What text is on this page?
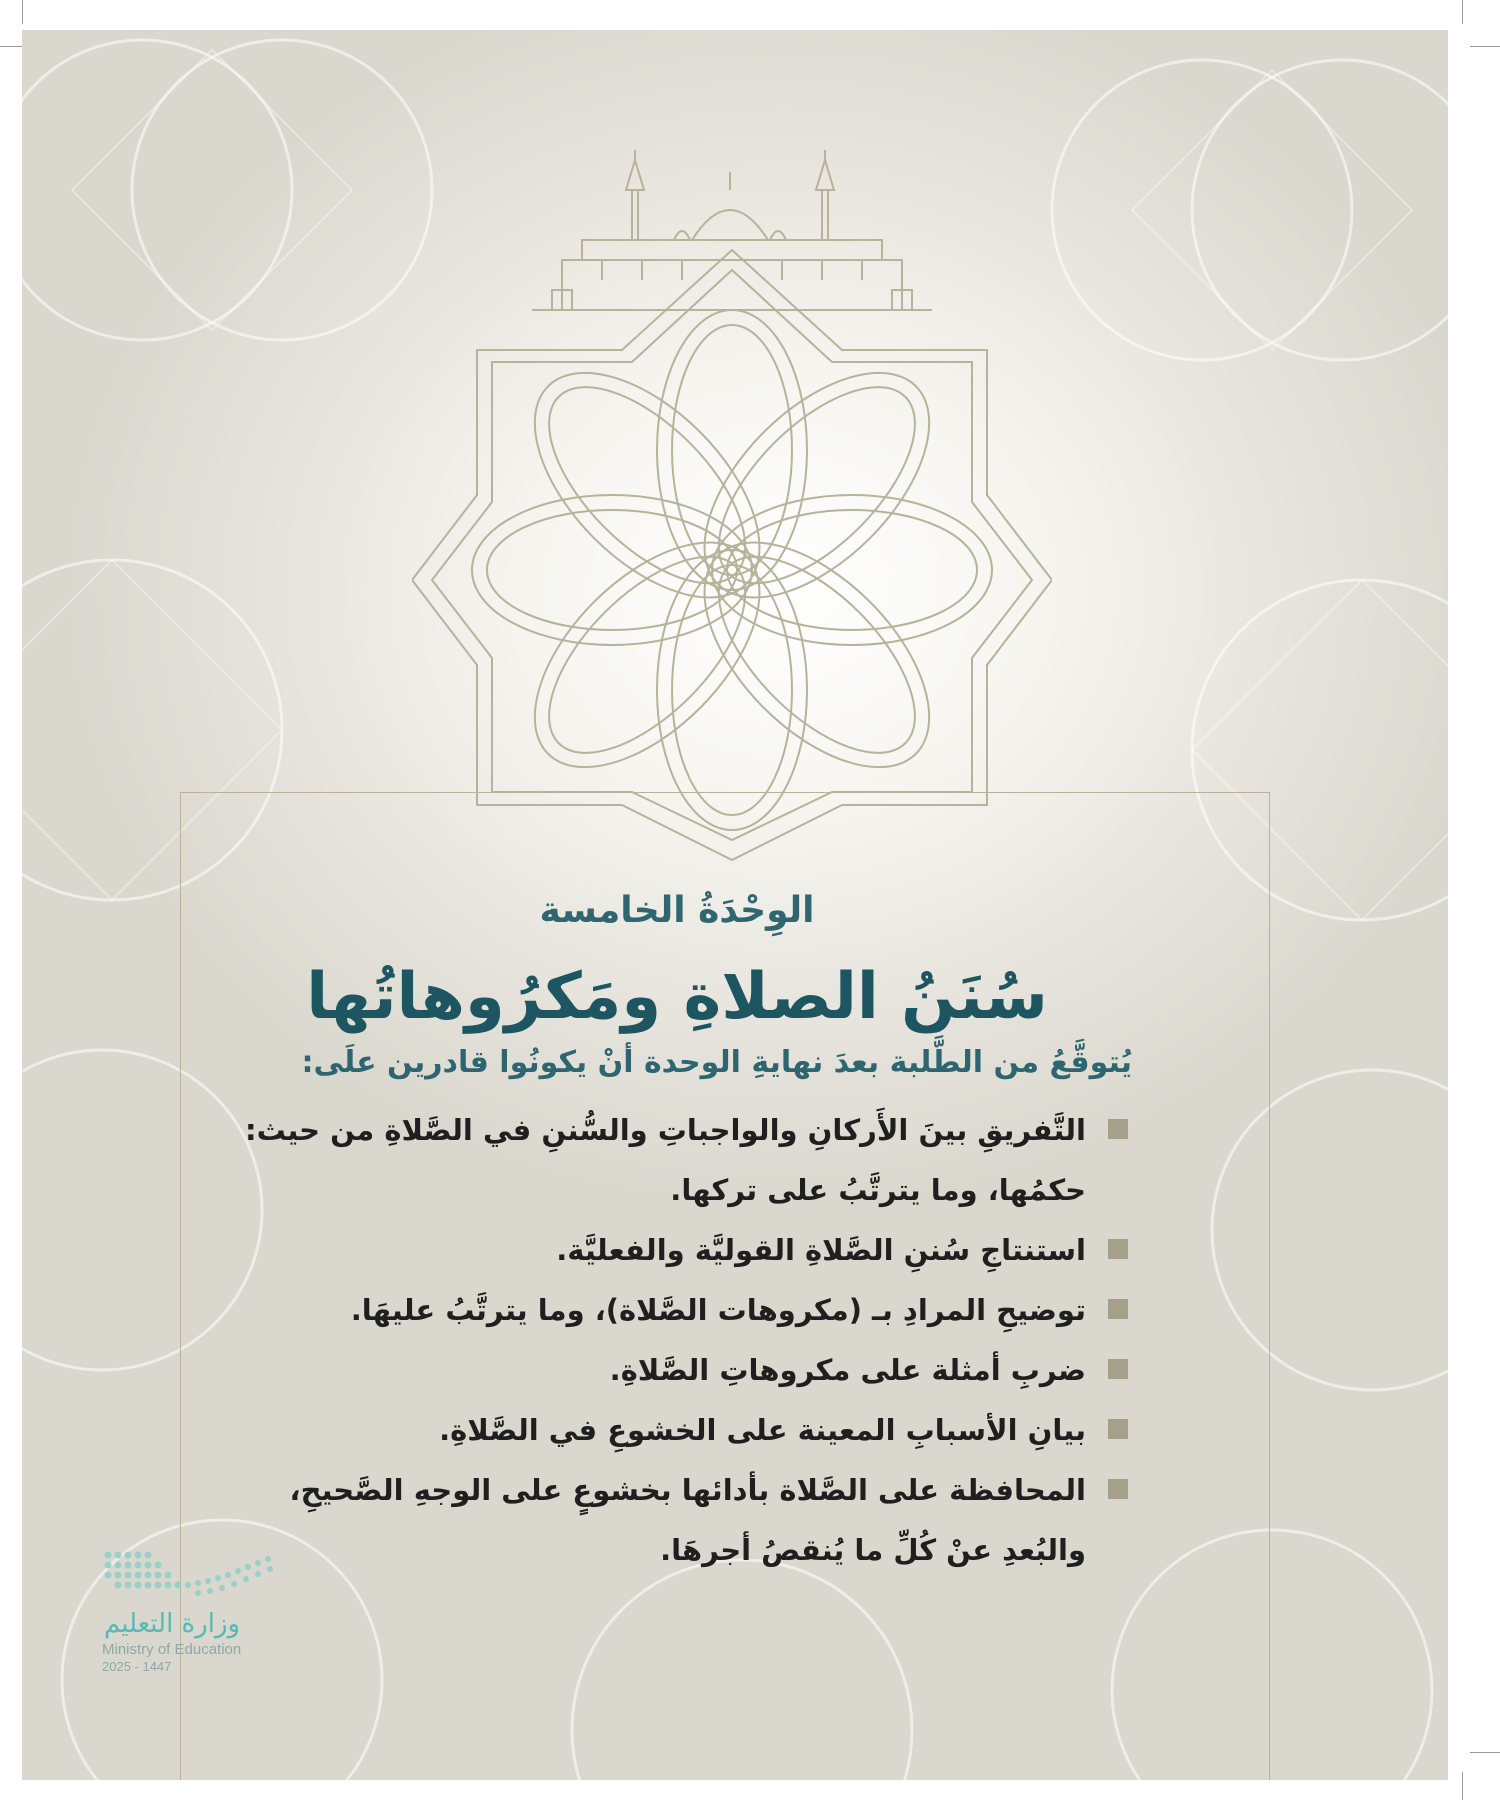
الوِحْدَةُ الخامسة
سُنَنُ الصلاةِ ومَكرُوهاتُها
يُتوقَّعُ من الطَّلبة بعدَ نهايةِ الوحدة أنْ يكونُوا قادرين علَى:
التَّفريقِ بينَ الأَركانِ والواجباتِ والسُّننِ في الصَّلاةِ من حيث: حكمُها، وما يترتَّبُ على تركها.
استنتاجِ سُننِ الصَّلاةِ القوليَّة والفعليَّة.
توضيحِ المرادِ بـ (مكروهات الصَّلاة)، وما يترتَّبُ عليهَا.
ضربِ أمثلة على مكروهاتِ الصَّلاةِ.
بيانِ الأسبابِ المعينة على الخشوعِ في الصَّلاةِ.
المحافظة على الصَّلاة بأدائها بخشوعٍ على الوجهِ الصَّحيحِ، والبُعدِ عنْ كُلِّ ما يُنقصُ أجرهَا.
وزارة التعليم
Ministry of Education
2025 - 1447
